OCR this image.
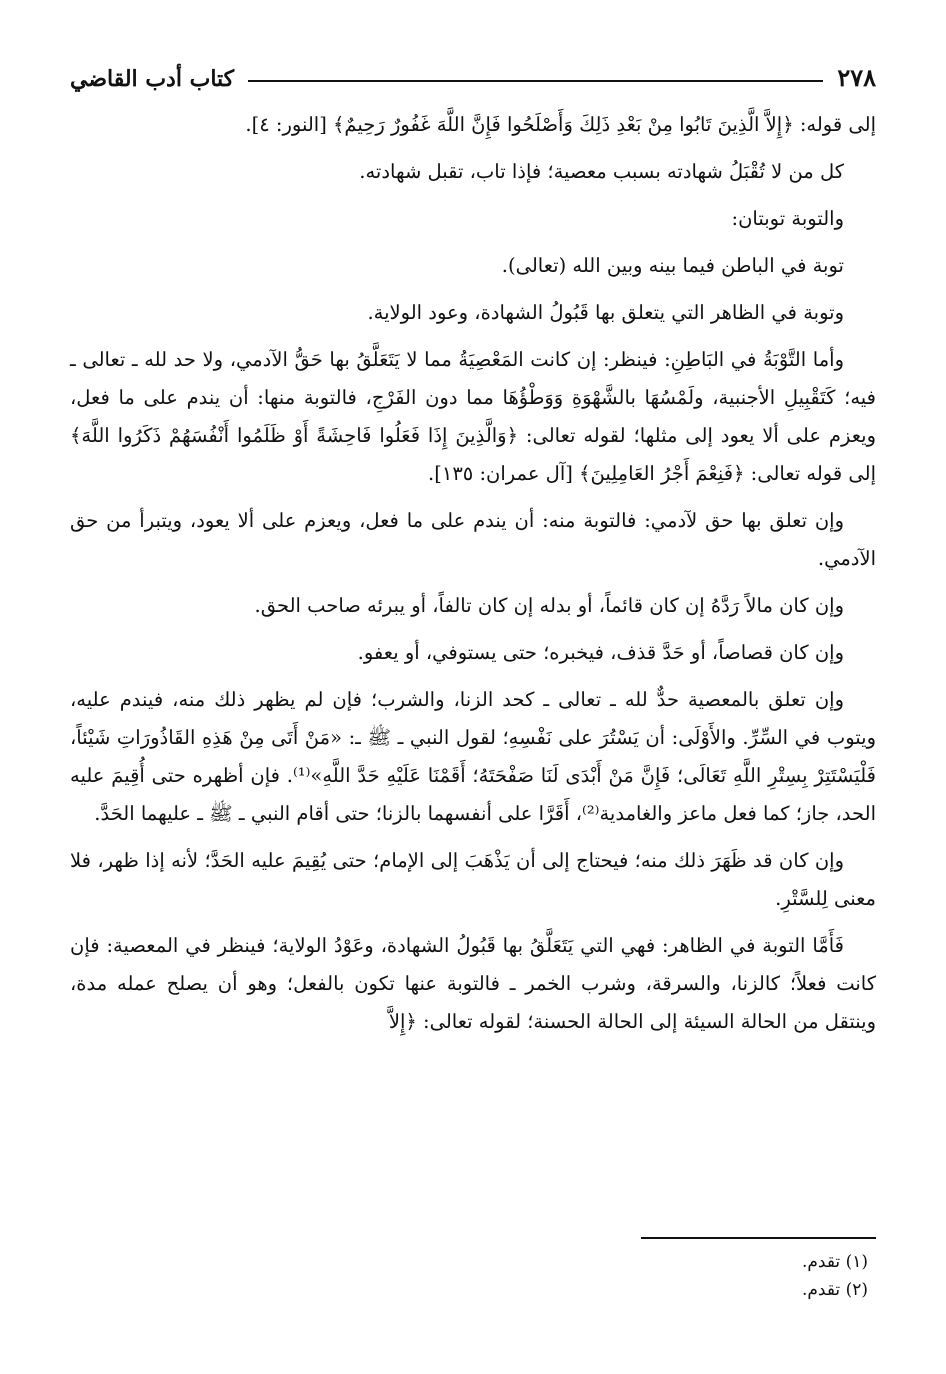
٢٧٨
كتاب أدب القاضي

إلى قوله: ﴿إِلاَّ الَّذِينَ تَابُوا مِنْ بَعْدِ ذَلِكَ وَأَصْلَحُوا فَإِنَّ اللَّهَ غَفُورٌ رَحِيمٌ﴾ [النور: ٤].

كل من لا تُقْبَلُ شهادته بسبب معصية؛ فإذا تاب، تقبل شهادته.

والتوبة توبتان:

توبة في الباطن فيما بينه وبين الله (تعالى).

وتوبة في الظاهر التي يتعلق بها قَبُولُ الشهادة، وعود الولاية.

وأما التَّوْبَةُ في البَاطِنِ: فينظر: إن كانت المَعْصِيَةُ مما لا يَتَعَلَّقُ بها حَقُّ الآدمي، ولا حد لله ـ تعالى ـ فيه؛ كَتَقْبِيلِ الأجنبية، ولَمْسُهَا بالشَّهْوَةِ وَوَطْؤُهَا مما دون الفَرْجِ، فالتوبة منها: أن يندم على ما فعل، ويعزم على ألا يعود إلى مثلها؛ لقوله تعالى: ﴿وَالَّذِينَ إِذَا فَعَلُوا فَاحِشَةً أَوْ ظَلَمُوا أَنْفُسَهُمْ ذَكَرُوا اللَّهَ﴾ إلى قوله تعالى: ﴿فَنِعْمَ أَجْرُ العَامِلِينَ﴾ [آل عمران: ١٣٥].

وإن تعلق بها حق لآدمي: فالتوبة منه: أن يندم على ما فعل، ويعزم على ألا يعود، ويتبرأ من حق الآدمي.

وإن كان مالاً رَدَّهُ إن كان قائماً، أو بدله إن كان تالفاً، أو يبرئه صاحب الحق.

وإن كان قصاصاً، أو حَدَّ قذف، فيخبره؛ حتى يستوفي، أو يعفو.

وإن تعلق بالمعصية حدٌّ لله ـ تعالى ـ كحد الزنا، والشرب؛ فإن لم يظهر ذلك منه، فيندم عليه، ويتوب في السِّرِّ. والأَوْلَى: أن يَسْتُرَ على نَفْسِهِ؛ لقول النبي ـ ﷺ ـ: «مَنْ أَتَى مِنْ هَذِهِ القَاذُورَاتِ شَيْئاً، فَلْيَسْتَتِرْ بِسِتْرِ اللَّهِ تَعَالَى؛ فَإِنَّ مَنْ أَبْدَى لَنَا صَفْحَتَهُ؛ أَقَمْنَا عَلَيْهِ حَدَّ اللَّهِ»⁽¹⁾. فإن أظهره حتى أُقِيمَ عليه الحد، جاز؛ كما فعل ماعز والغامدية⁽²⁾، أَقَرَّا على أنفسهما بالزنا؛ حتى أقام النبي ـ ﷺ ـ عليهما الحَدَّ.

وإن كان قد ظَهَرَ ذلك منه؛ فيحتاج إلى أن يَذْهَبَ إلى الإمام؛ حتى يُقِيمَ عليه الحَدَّ؛ لأنه إذا ظهر، فلا معنى لِلسَّتْرِ.

فَأَمَّا التوبة في الظاهر: فهي التي يَتَعَلَّقُ بها قَبُولُ الشهادة، وعَوْدُ الولاية؛ فينظر في المعصية: فإن كانت فعلاً؛ كالزنا، والسرقة، وشرب الخمر ـ فالتوبة عنها تكون بالفعل؛ وهو أن يصلح عمله مدة، وينتقل من الحالة السيئة إلى الحالة الحسنة؛ لقوله تعالى: ﴿إِلاَّ

(١) تقدم.
(٢) تقدم.
